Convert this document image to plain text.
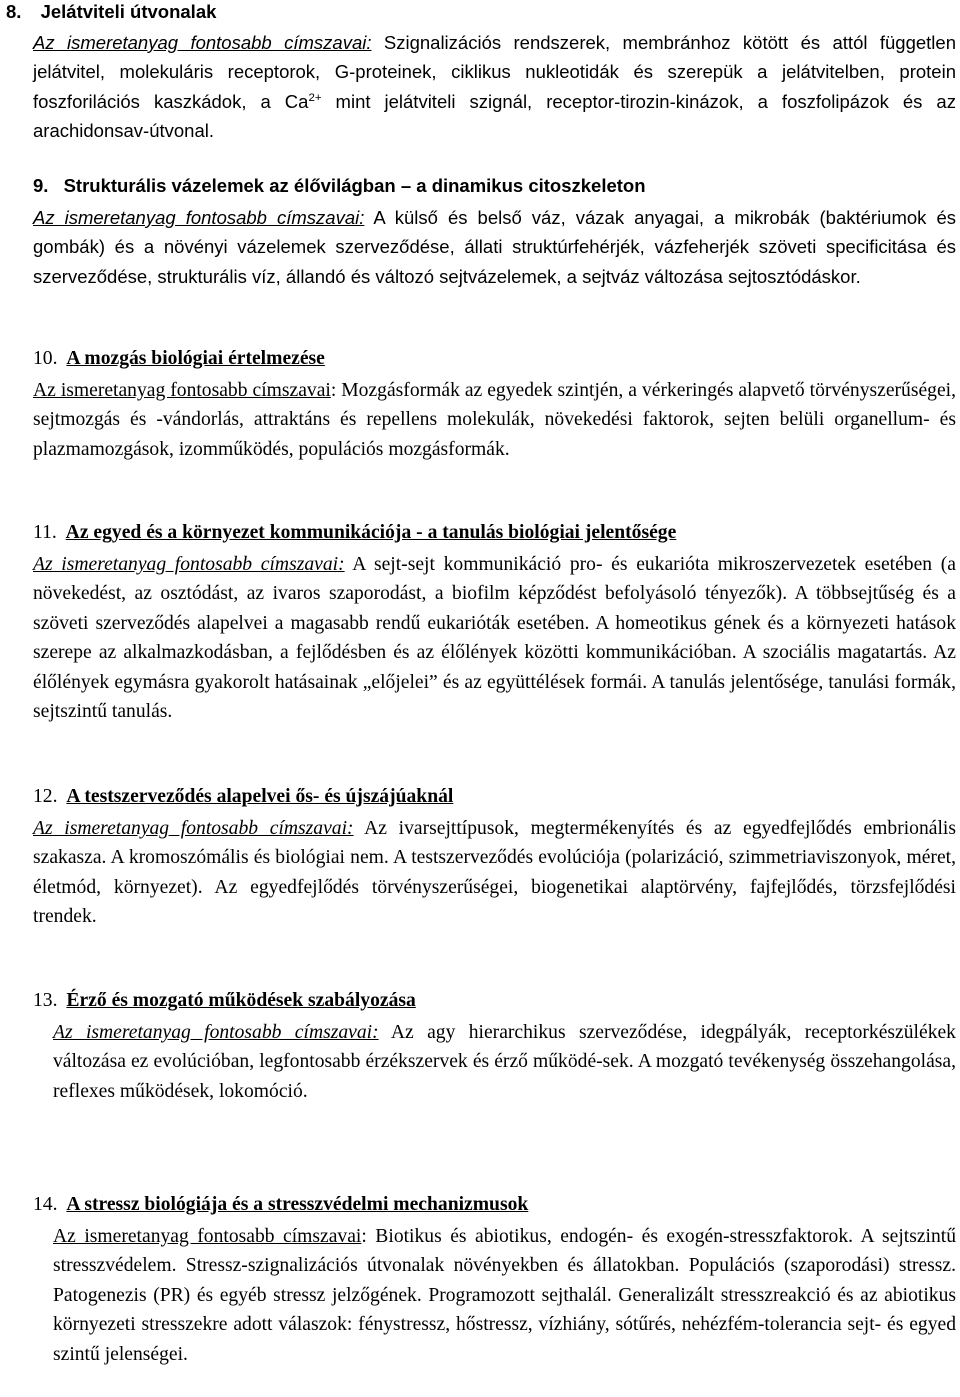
8. Jelátviteli útvonalak
Az ismeretanyag fontosabb címszavai: Szignalizációs rendszerek, membránhoz kötött és attól független jelátvitel, molekuláris receptorok, G-proteinek, ciklikus nukleotidák és szerepük a jelátvitelben, protein foszforilációs kaszkádok, a $Ca^{2+}$ mint jelátviteli szignál, receptor-tirozin-kinázok, a foszfolipázok és az arachidonsav-útvonal.
9. Strukturális vázelemek az élővilágban – a dinamikus citoszkeleton
Az ismeretanyag fontosabb címszavai: A külső és belső váz, vázak anyagai, a mikrobák (baktériumok és gombák) és a növényi vázelemek szerveződése, állati struktúrfehérjék, vázfeherjék szöveti specificitása és szerveződése, strukturális víz, állandó és változó sejtvázelemek, a sejtváz változása sejtosztódáskor.
10. A mozgás biológiai értelmezése
Az ismeretanyag fontosabb címszavai: Mozgásformák az egyedek szintjén, a vérkeringés alapvető törvényszerűségei, sejtmozgás és -vándorlás, attraktáns és repellens molekulák, növekedési faktorok, sejten belüli organellum- és plazmamozgások, izomműködés, populációs mozgásformák.
11. Az egyed és a környezet kommunikációja - a tanulás biológiai jelentősége
Az ismeretanyag fontosabb címszavai: A sejt-sejt kommunikáció pro- és eukarióta mikroszervezetek esetében (a növekedést, az osztódást, az ivaros szaporodást, a biofilm képződést befolyásoló tényezők). A többsejtűség és a szöveti szerveződés alapelvei a magasabb rendű eukarióták esetében. A homeotikus gének és a környezeti hatások szerepe az alkalmazkodásban, a fejlődésben és az élőlények közötti kommunikációban. A szociális magatartás. Az élőlények egymásra gyakorolt hatásainak „előjelei” és az együttélések formái. A tanulás jelentősége, tanulási formák, sejtszintű tanulás.
12. A testszerveződés alapelvei ős- és újszájúaknál
Az ismeretanyag fontosabb címszavai: Az ivarsejttípusok, megtermékenyítés és az egyedfejlődés embrionális szakasza. A kromoszómális és biológiai nem. A testszerveződés evolúciója (polarizáció, szimmetriaviszonyok, méret, életmód, környezet). Az egyedfejlődés törvényszerűségei, biogenetikai alaptörvény, fajfejlődés, törzsfejlődési trendek.
13. Érző és mozgató működések szabályozása
Az ismeretanyag fontosabb címszavai: Az agy hierarchikus szerveződése, idegpályák, receptorkészülékek változása ez evolúcióban, legfontosabb érzékszervek és érző működé-sek. A mozgató tevékenység összehangolása, reflexes működések, lokomóció.
14. A stressz biológiája és a stresszvédelmi mechanizmusok
Az ismeretanyag fontosabb címszavai: Biotikus és abiotikus, endogén- és exogén-stresszfaktorok. A sejtszintű stresszvédelem. Stressz-szignalizációs útvonalak növényekben és állatokban. Populációs (szaporodási) stressz. Patogenezis (PR) és egyéb stressz jelzőgének. Programozott sejthalál. Generalizált stresszreakció és az abiotikus környezeti stresszekre adott válaszok: fénystressz, hőstressz, vízhiány, sótűrés, nehézfém-tolerancia sejt- és egyed szintű jelenségei.
